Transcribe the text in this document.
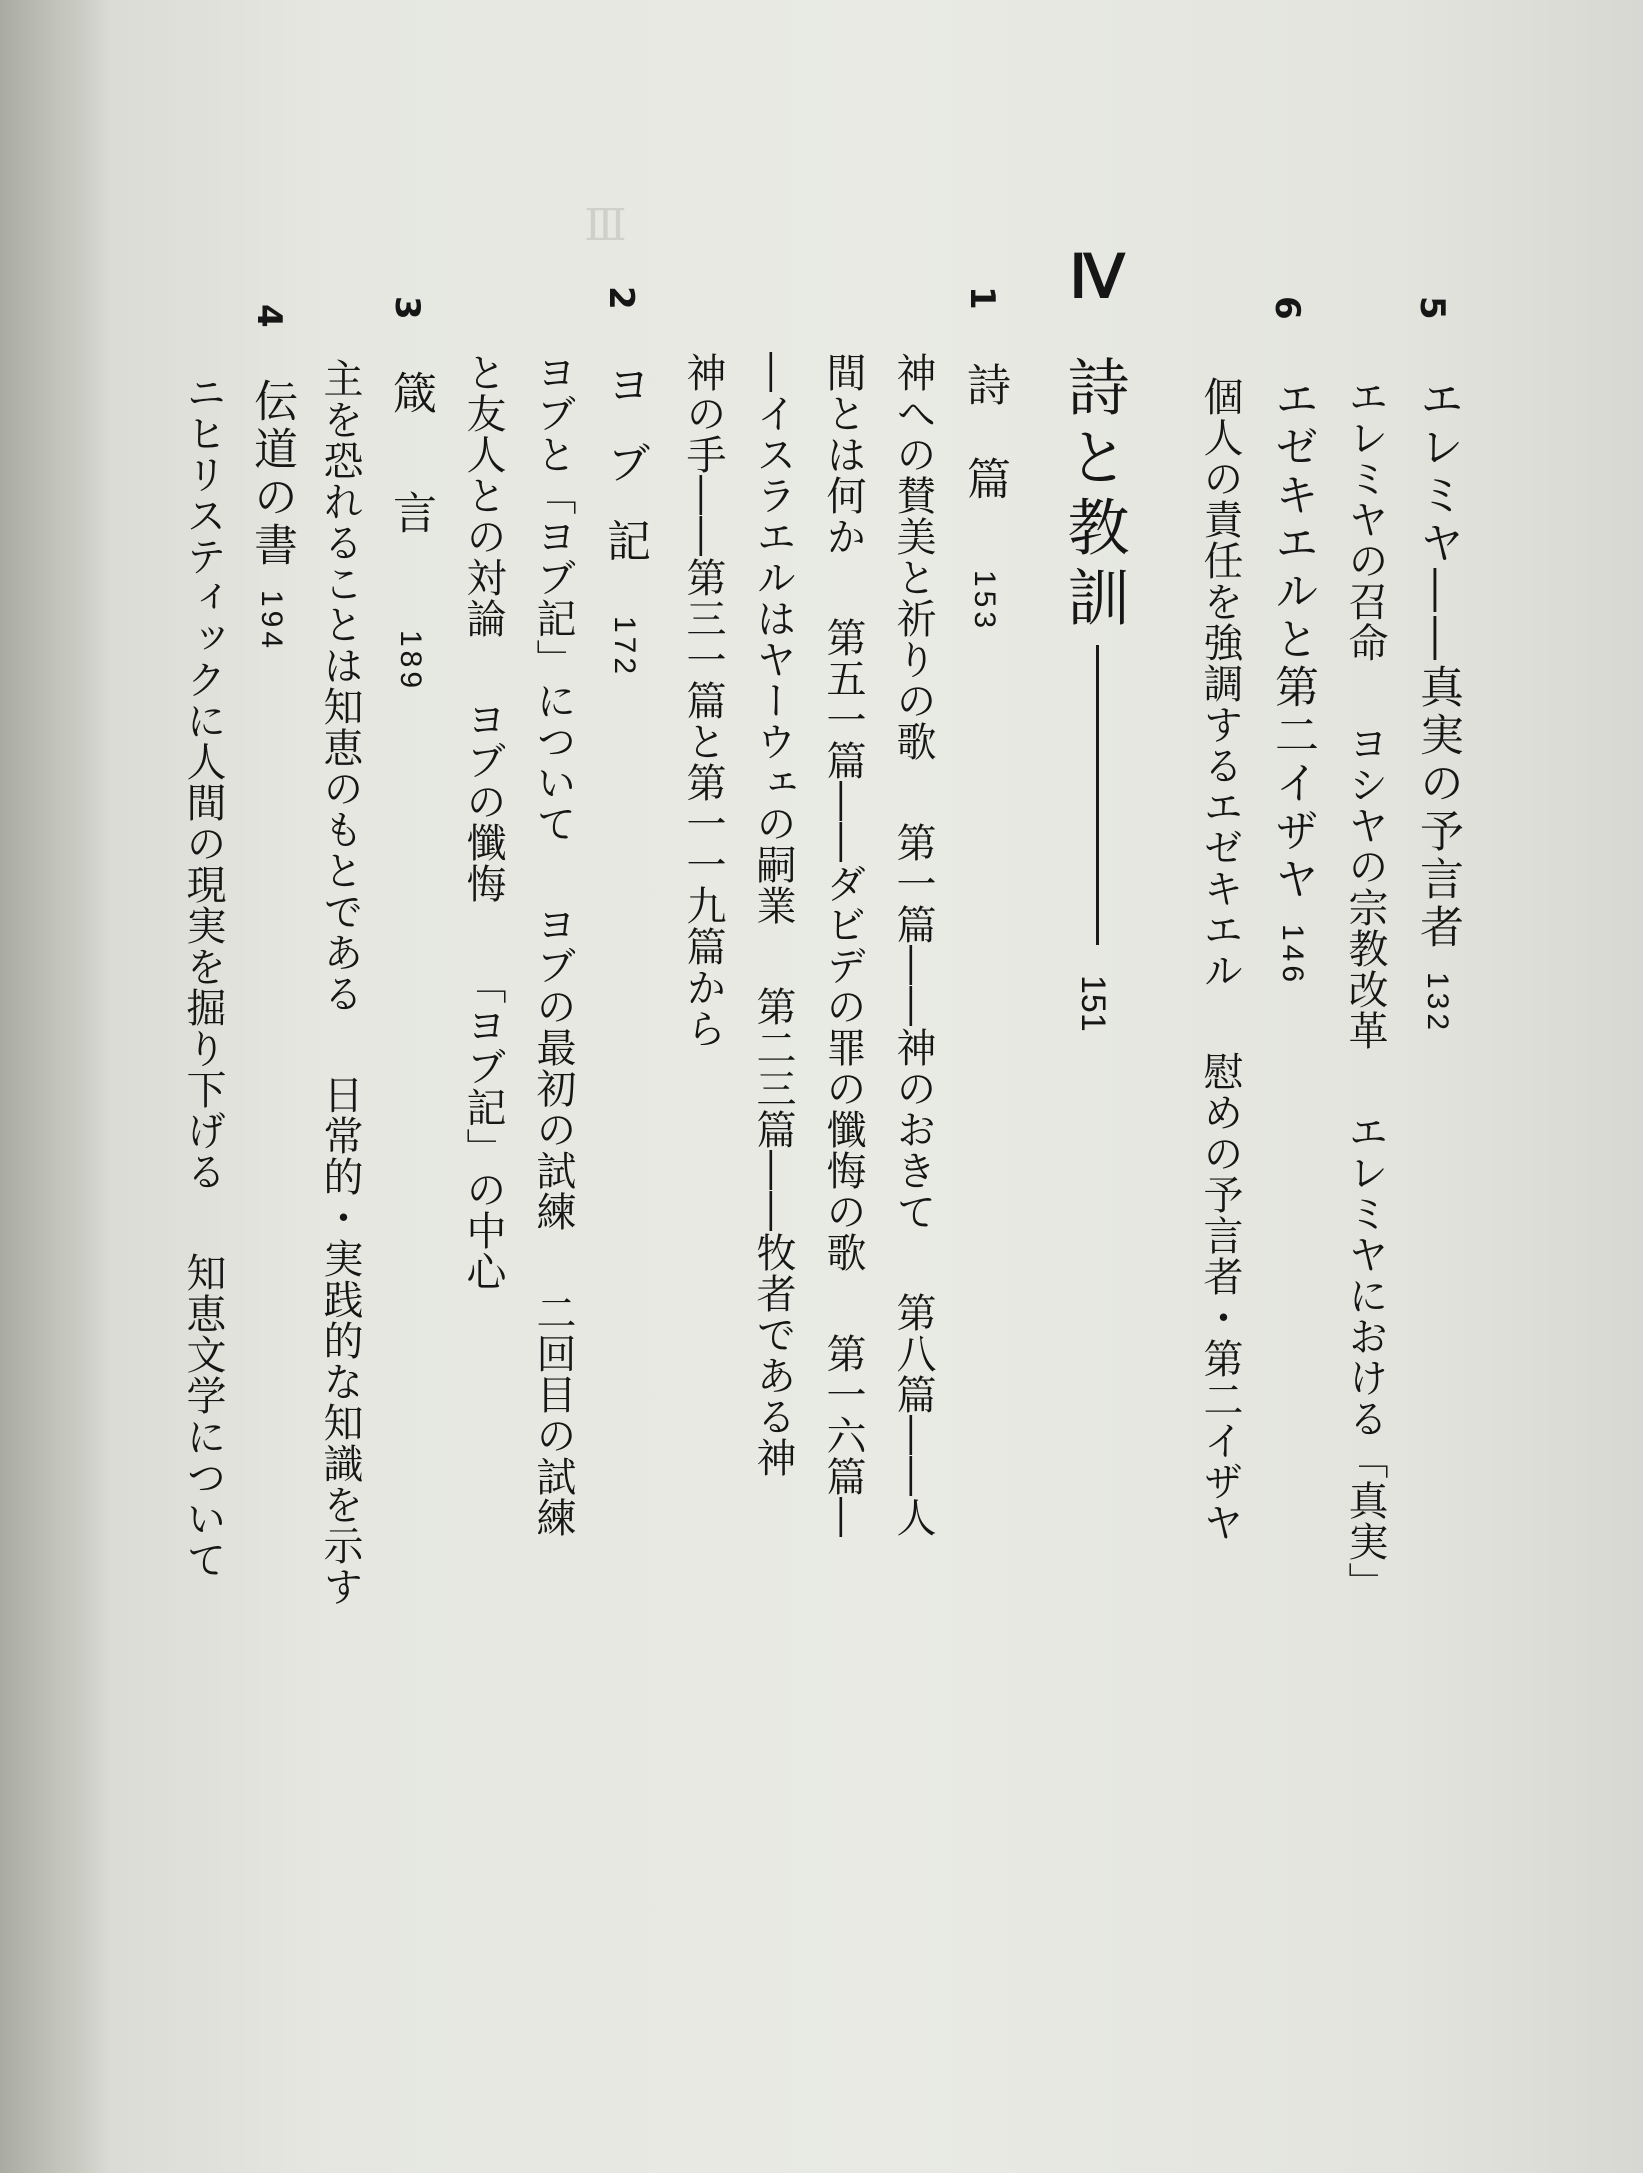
Ⅲ

5
エレミヤ――真実の予言者132
エレミヤの召命ヨシヤの宗教改革エレミヤにおける「真実」
6
エゼキエルと第二イザヤ146
個人の責任を強調するエゼキエル慰めの予言者・第二イザヤ
Ⅳ
詩と教訓151
1
詩篇153
神への賛美と祈りの歌第一篇――神のおきて第八篇――人
間とは何か第五一篇――ダビデの罪の懺悔の歌第一六篇―
―イスラエルはヤーウェの嗣業第二三篇――牧者である神
神の手――第三一篇と第一一九篇から
2
ヨブ記172
ヨブと「ヨブ記」についてヨブの最初の試練二回目の試練
と友人との対論ヨブの懺悔「ヨブ記」の中心
3
箴言189
主を恐れることは知恵のもとである日常的・実践的な知識を示す
4
伝道の書194
ニヒリスティックに人間の現実を掘り下げる知恵文学について
